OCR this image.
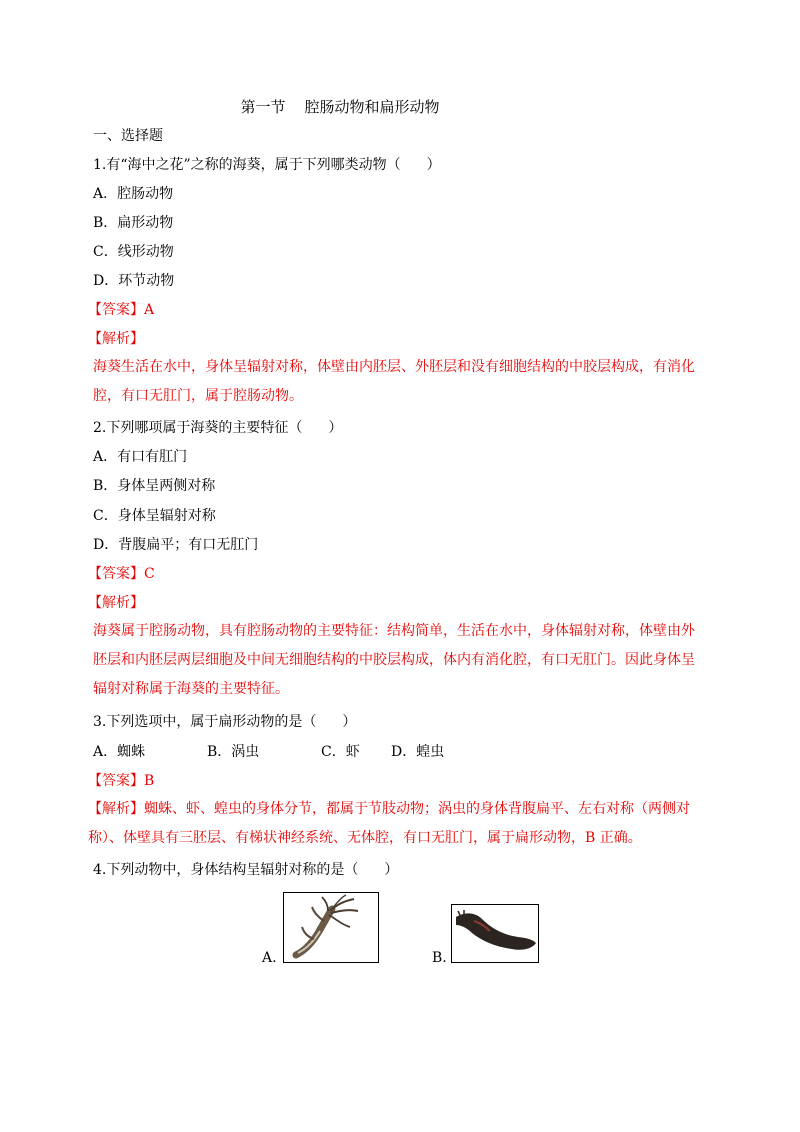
第一节    腔肠动物和扁形动物
一、选择题
1.有“海中之花”之称的海葵，属于下列哪类动物（ ）
A．腔肠动物
B．扁形动物
C．线形动物
D．环节动物
【答案】A
【解析】
海葵生活在水中，身体呈辐射对称，体壁由内胚层、外胚层和没有细胞结构的中胶层构成，有消化
腔，有口无肛门，属于腔肠动物。
2.下列哪项属于海葵的主要特征（ ）
A．有口有肛门
B．身体呈两侧对称
C．身体呈辐射对称
D．背腹扁平；有口无肛门
【答案】C
【解析】
海葵属于腔肠动物，具有腔肠动物的主要特征：结构简单，生活在水中，身体辐射对称，体壁由外
胚层和内胚层两层细胞及中间无细胞结构的中胶层构成，体内有消化腔，有口无肛门。因此身体呈
辐射对称属于海葵的主要特征。
3.下列选项中，属于扁形动物的是（ ）
A．蜘蛛	B．涡虫	C．虾 D．蝗虫
【答案】B
【解析】蜘蛛、虾、蝗虫的身体分节，都属于节肢动物；涡虫的身体背腹扁平、左右对称（两侧对
称）、体壁具有三胚层、有梯状神经系统、无体腔，有口无肛门，属于扁形动物，B 正确。
4.下列动物中，身体结构呈辐射对称的是（ ）
A.	B.
